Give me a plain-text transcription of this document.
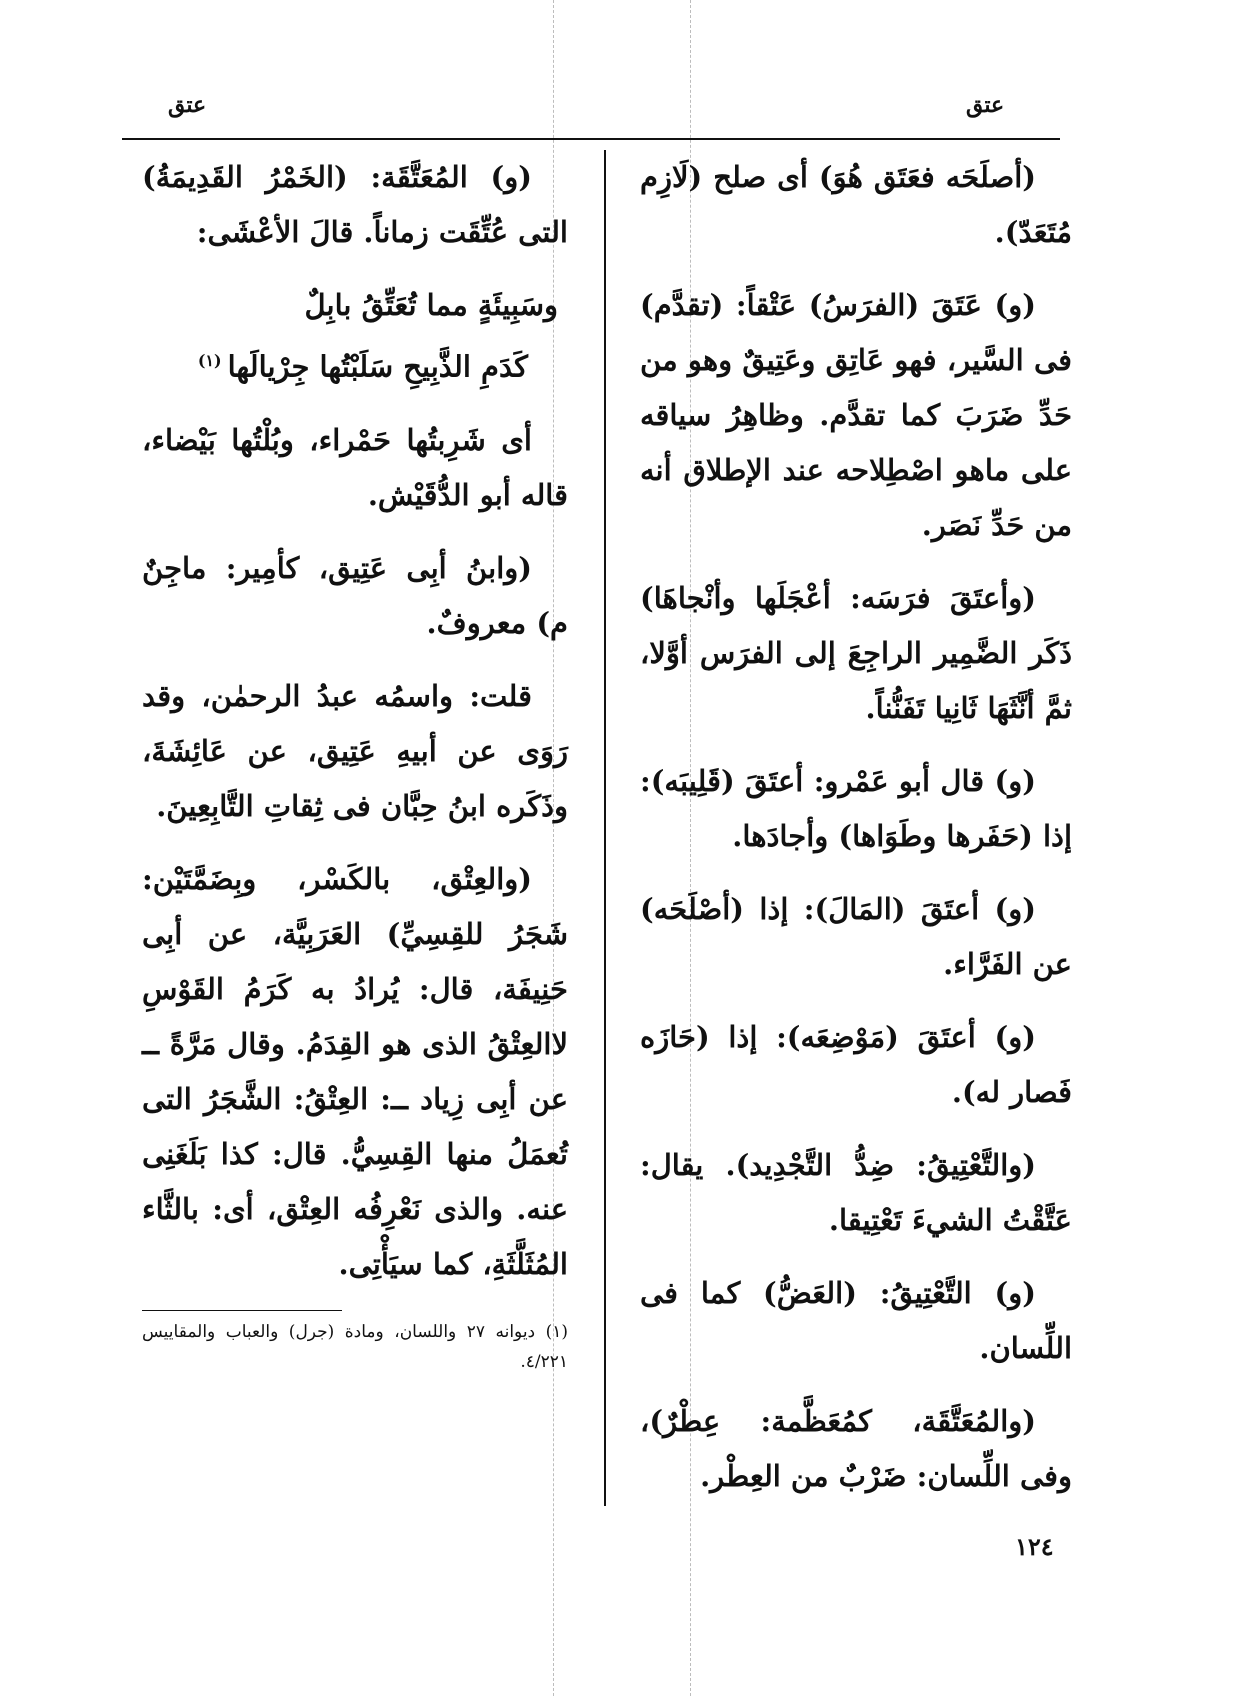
عتق
عتق

(أصلَحَه فعَتَق هُوَ) أى صلح (لَازِم مُتَعَدّ).

(و) عَتَقَ (الفرَسُ) عَتْقاً: (تقدَّم) فى السَّير، فهو عَاتِق وعَتِيقٌ وهو من حَدِّ ضَرَبَ كما تقدَّم. وظاهِرُ سياقه على ماهو اصْطِلاحه عند الإطلاق أنه من حَدِّ نَصَر.

(وأعتَقَ فرَسَه: أعْجَلَها وأنْجاهَا) ذَكَر الضَّمِير الراجِعَ إلى الفرَس أوَّلا، ثمَّ أنَّثَهَا ثَانِيا تَفَنُّناً.

(و) قال أبو عَمْرو: أعتَقَ (قَلِيبَه): إذا (حَفَرها وطَوَاها) وأجادَها.

(و) أعتَقَ (المَالَ): إذا (أصْلَحَه) عن الفَرَّاء.

(و) أعتَقَ (مَوْضِعَه): إذا (حَازَه فَصار له).

(والتَّعْتِيقُ: ضِدُّ التَّجْدِيد). يقال: عَتَّقْتُ الشيءَ تَعْتِيقا.

(و) التَّعْتِيقُ: (العَضُّ) كما فى اللِّسان.

(والمُعَتَّقَة، كمُعَظَّمة: عِطْرٌ)، وفى اللِّسان: ضَرْبٌ من العِطْر.

(و) المُعَتَّقَة: (الخَمْرُ القَدِيمَةُ) التى عُتِّقَت زماناً. قالَ الأعْشَى:

وسَبِيئَةٍ مما تُعَتِّقُ بابِلٌ

كَدَمِ الذَّبِيحِ سَلَبْتُها جِرْيالَها$^{(١)}$

أى شَرِبتُها حَمْراء، وبُلْتُها بَيْضاء، قاله أبو الدُّقَيْش.

(وابنُ أبِى عَتِيق، كأمِير: ماجِنٌ م) معروفٌ.

قلت: واسمُه عبدُ الرحمٰن، وقد رَوَى عن أبيهِ عَتِيق، عن عَائِشَةَ، وذَكَره ابنُ حِبَّان فى ثِقاتِ التَّابِعِينَ.

(والعِتْق، بالكَسْر، وبِضَمَّتَيْن: شَجَرُ للقِسِيِّ) العَرَبِيَّة، عن أبِى حَنِيفَة، قال: يُرادُ به كَرَمُ القَوْسِ لاالعِتْقُ الذى هو القِدَمُ. وقال مَرَّةً ــ عن أبِى زِياد ــ: العِتْقُ: الشَّجَرُ التى تُعمَلُ منها القِسِيُّ. قال: كذا بَلَغَنِى عنه. والذى نَعْرِفُه العِتْق، أى: بالثَّاء المُثَلَّثَةِ، كما سيَأْتِى.

(١) ديوانه ٢٧ واللسان، ومادة (جرل) والعباب والمقاييس ٤/٢٢١.

١٢٤
